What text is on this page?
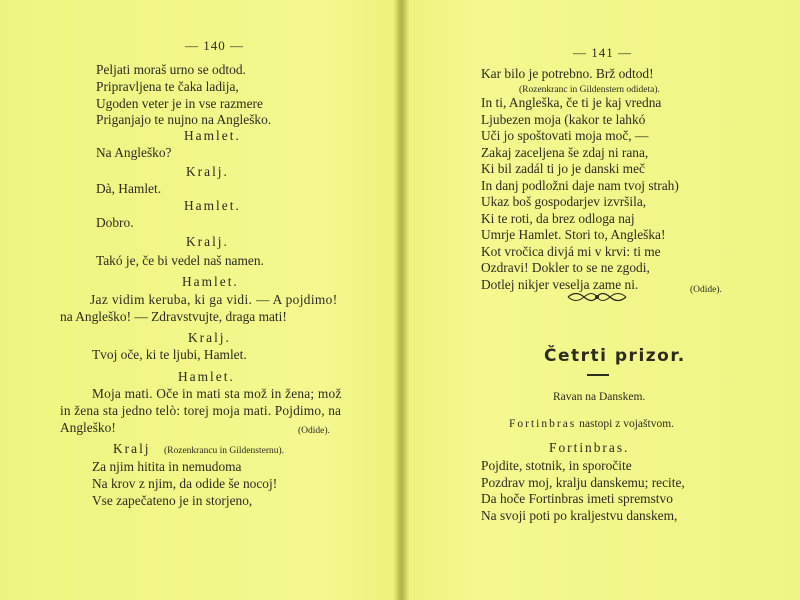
— 140 —
Peljati moraš urno se odtod.
Pripravljena te čaka ladija,
Ugoden veter je in vse razmere
Priganjajo te nujno na Angleško.
Hamlet.
Na Angleško?
Kralj.
Dà, Hamlet.
Hamlet.
Dobro.
Kralj.
Takó je, če bi vedel naš namen.
Hamlet.
Jaz vidim keruba, ki ga vidi. — A pojdimo!
na Angleško! — Zdravstvujte, draga mati!
Kralj.
Tvoj oče, ki te ljubi, Hamlet.
Hamlet.
Moja mati. Oče in mati sta mož in žena; mož
in žena sta jedno telò: torej moja mati. Pojdimo, na
Angleško!	(Odide).
Kralj (Rozenkrancu in Gildensternu).
Za njim hitita in nemudoma
Na krov z njim, da odide še nocoj!
Vse zapečateno je in storjeno,
— 141 —
Kar bilo je potrebno. Brž odtod!
(Rozenkranc in Gildenstern odideta).
In ti, Angleška, če ti je kaj vredna
Ljubezen moja (kakor te lahkó
Uči jo spoštovati moja moč, —
Zakaj zaceljena še zdaj ni rana,
Ki bil zadál ti jo je danski meč
In danj podložni daje nam tvoj strah)
Ukaz boš gospodarjev izvršila,
Ki te roti, da brez odloga naj
Umrje Hamlet. Stori to, Angleška!
Kot vročica divjá mi v krvi: ti me
Ozdravi! Dokler to se ne zgodi,
Dotlej nikjer veselja zame ni.	(Odide).
Četrti prizor.
Ravan na Danskem.
Fortinbras nastopi z vojaštvom.
Fortinbras.
Pojdite, stotnik, in sporočite
Pozdrav moj, kralju danskemu; recite,
Da hoče Fortinbras imeti spremstvo
Na svoji poti po kraljestvu danskem,
